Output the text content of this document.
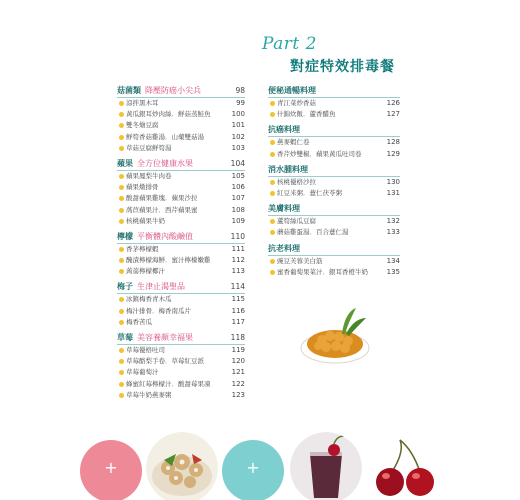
Part 2
對症特效排毒餐
菇菌類 降壓防癌小尖兵	98
涼拌黑木耳	99
黃瓜銀耳炒肉絲．鮮菇蒸鮭魚	100
雙冬燴豆腐	101
鮮筍香菇雞湯．山藥雙菇湯	102
草菇豆腐鮮筍湯	103
蘋果 全方位健康水果	104
蘋果鳳梨牛肉卷	105
蘋果燉排骨	106
酸甜蘋果雞塊．蘋果沙拉	107
萵苣蘋果汁．西芹蘋果蜜	108
核桃蘋果牛奶	109
檸檬 平衡體內酸鹼值	110
香茅檸檬蝦	111
醃漬檸檬海鮮．蜜汁檸檬嫩雞	112
蒟蒻檸檬椰汁	113
梅子 生津止渴聖品	114
冰鎮梅香青木瓜	115
梅汁排骨．梅香南瓜片	116
梅香苦瓜	117
草莓 美容養顏幸福果	118
草莓優格吐司	119
草莓酪梨手卷．草莓紅豆派	120
草莓葡萄汁	121
蜂蜜紅莓檸檬汁．酸甜莓果凍	122
草莓牛奶燕麥粥	123
便秘通暢料理
青江菜炒香菇	126
什錦炊飯．蘆香醋魚	127
抗癌料理
燕麥蝦仁卷	128
香芹炒雙椒．蘋果黃瓜吐司卷	129
消水腫料理
核桃優格沙拉	130
紅豆米粥．薏仁茯苓粥	131
美膚料理
蘆筍絲瓜豆腐	132
蘑菇雞蛋湯．百合薏仁湯	133
抗老料理
豌豆芙蓉美白筋	134
蜜香葡萄果菜汁．銀耳香橙牛奶	135
+	+
